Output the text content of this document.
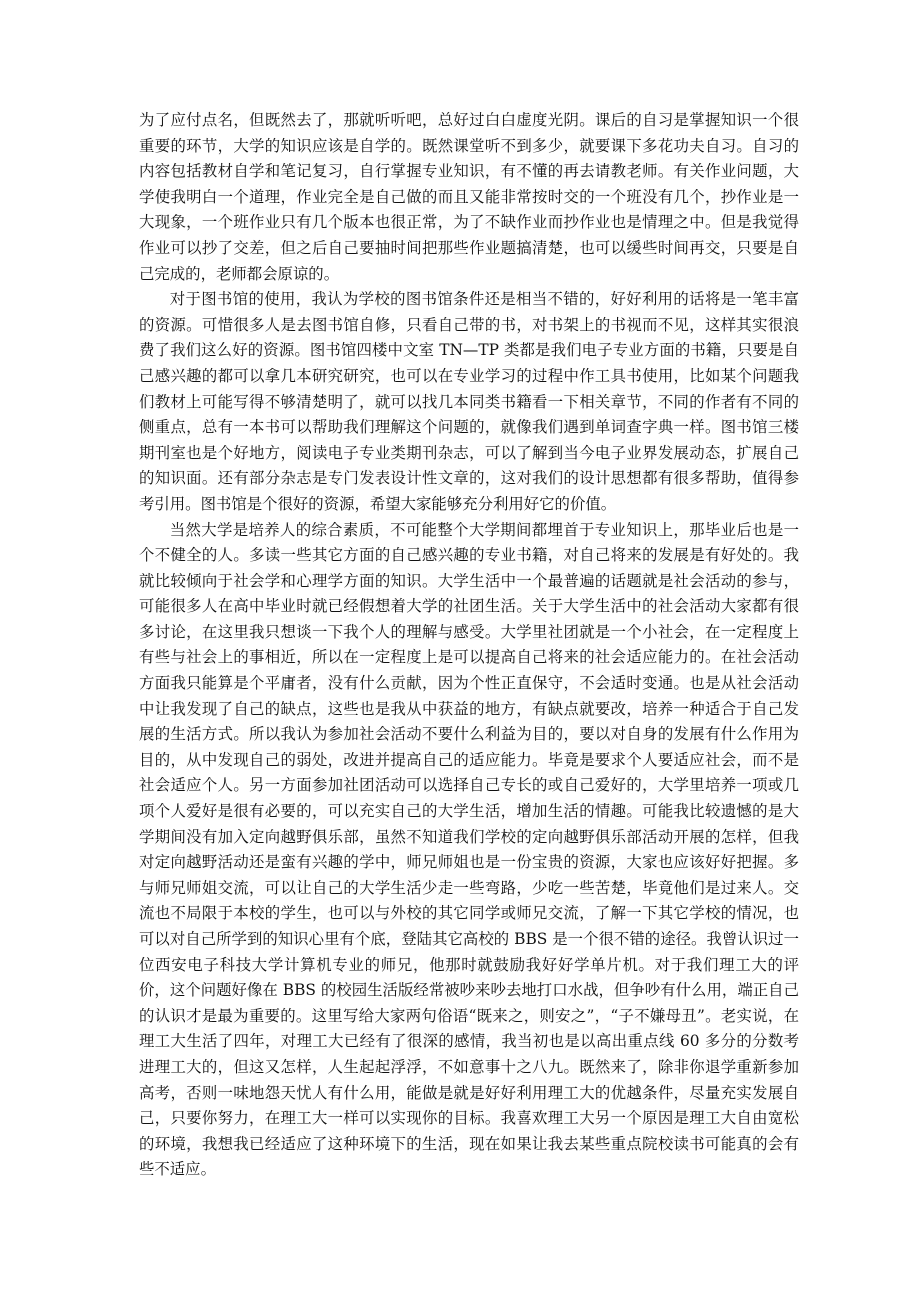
为了应付点名，但既然去了，那就听听吧，总好过白白虚度光阴。课后的自习是掌握知识一个很重要的环节，大学的知识应该是自学的。既然课堂听不到多少，就要课下多花功夫自习。自习的内容包括教材自学和笔记复习，自行掌握专业知识，有不懂的再去请教老师。有关作业问题，大学使我明白一个道理，作业完全是自己做的而且又能非常按时交的一个班没有几个，抄作业是一大现象，一个班作业只有几个版本也很正常，为了不缺作业而抄作业也是情理之中。但是我觉得作业可以抄了交差，但之后自己要抽时间把那些作业题搞清楚，也可以缓些时间再交，只要是自己完成的，老师都会原谅的。

对于图书馆的使用，我认为学校的图书馆条件还是相当不错的，好好利用的话将是一笔丰富的资源。可惜很多人是去图书馆自修，只看自己带的书，对书架上的书视而不见，这样其实很浪费了我们这么好的资源。图书馆四楼中文室 TN—TP 类都是我们电子专业方面的书籍，只要是自己感兴趣的都可以拿几本研究研究，也可以在专业学习的过程中作工具书使用，比如某个问题我们教材上可能写得不够清楚明了，就可以找几本同类书籍看一下相关章节，不同的作者有不同的侧重点，总有一本书可以帮助我们理解这个问题的，就像我们遇到单词查字典一样。图书馆三楼期刊室也是个好地方，阅读电子专业类期刊杂志，可以了解到当今电子业界发展动态，扩展自己的知识面。还有部分杂志是专门发表设计性文章的，这对我们的设计思想都有很多帮助，值得参考引用。图书馆是个很好的资源，希望大家能够充分利用好它的价值。

当然大学是培养人的综合素质，不可能整个大学期间都埋首于专业知识上，那毕业后也是一个不健全的人。多读一些其它方面的自己感兴趣的专业书籍，对自己将来的发展是有好处的。我就比较倾向于社会学和心理学方面的知识。大学生活中一个最普遍的话题就是社会活动的参与，可能很多人在高中毕业时就已经假想着大学的社团生活。关于大学生活中的社会活动大家都有很多讨论，在这里我只想谈一下我个人的理解与感受。大学里社团就是一个小社会，在一定程度上有些与社会上的事相近，所以在一定程度上是可以提高自己将来的社会适应能力的。在社会活动方面我只能算是个平庸者，没有什么贡献，因为个性正直保守，不会适时变通。也是从社会活动中让我发现了自己的缺点，这些也是我从中获益的地方，有缺点就要改，培养一种适合于自己发展的生活方式。所以我认为参加社会活动不要什么利益为目的，要以对自身的发展有什么作用为目的，从中发现自己的弱处，改进并提高自己的适应能力。毕竟是要求个人要适应社会，而不是社会适应个人。另一方面参加社团活动可以选择自己专长的或自己爱好的，大学里培养一项或几项个人爱好是很有必要的，可以充实自己的大学生活，增加生活的情趣。可能我比较遗憾的是大学期间没有加入定向越野俱乐部，虽然不知道我们学校的定向越野俱乐部活动开展的怎样，但我对定向越野活动还是蛮有兴趣的学中，师兄师姐也是一份宝贵的资源，大家也应该好好把握。多与师兄师姐交流，可以让自己的大学生活少走一些弯路，少吃一些苦楚，毕竟他们是过来人。交流也不局限于本校的学生，也可以与外校的其它同学或师兄交流，了解一下其它学校的情况，也可以对自己所学到的知识心里有个底，登陆其它高校的 BBS 是一个很不错的途径。我曾认识过一位西安电子科技大学计算机专业的师兄，他那时就鼓励我好好学单片机。对于我们理工大的评价，这个问题好像在 BBS 的校园生活版经常被吵来吵去地打口水战，但争吵有什么用，端正自己的认识才是最为重要的。这里写给大家两句俗语“既来之，则安之”，“子不嫌母丑”。老实说，在理工大生活了四年，对理工大已经有了很深的感情，我当初也是以高出重点线 60 多分的分数考进理工大的，但这又怎样，人生起起浮浮，不如意事十之八九。既然来了，除非你退学重新参加高考，否则一味地怨天忧人有什么用，能做是就是好好利用理工大的优越条件，尽量充实发展自己，只要你努力，在理工大一样可以实现你的目标。我喜欢理工大另一个原因是理工大自由宽松的环境，我想我已经适应了这种环境下的生活，现在如果让我去某些重点院校读书可能真的会有些不适应。
